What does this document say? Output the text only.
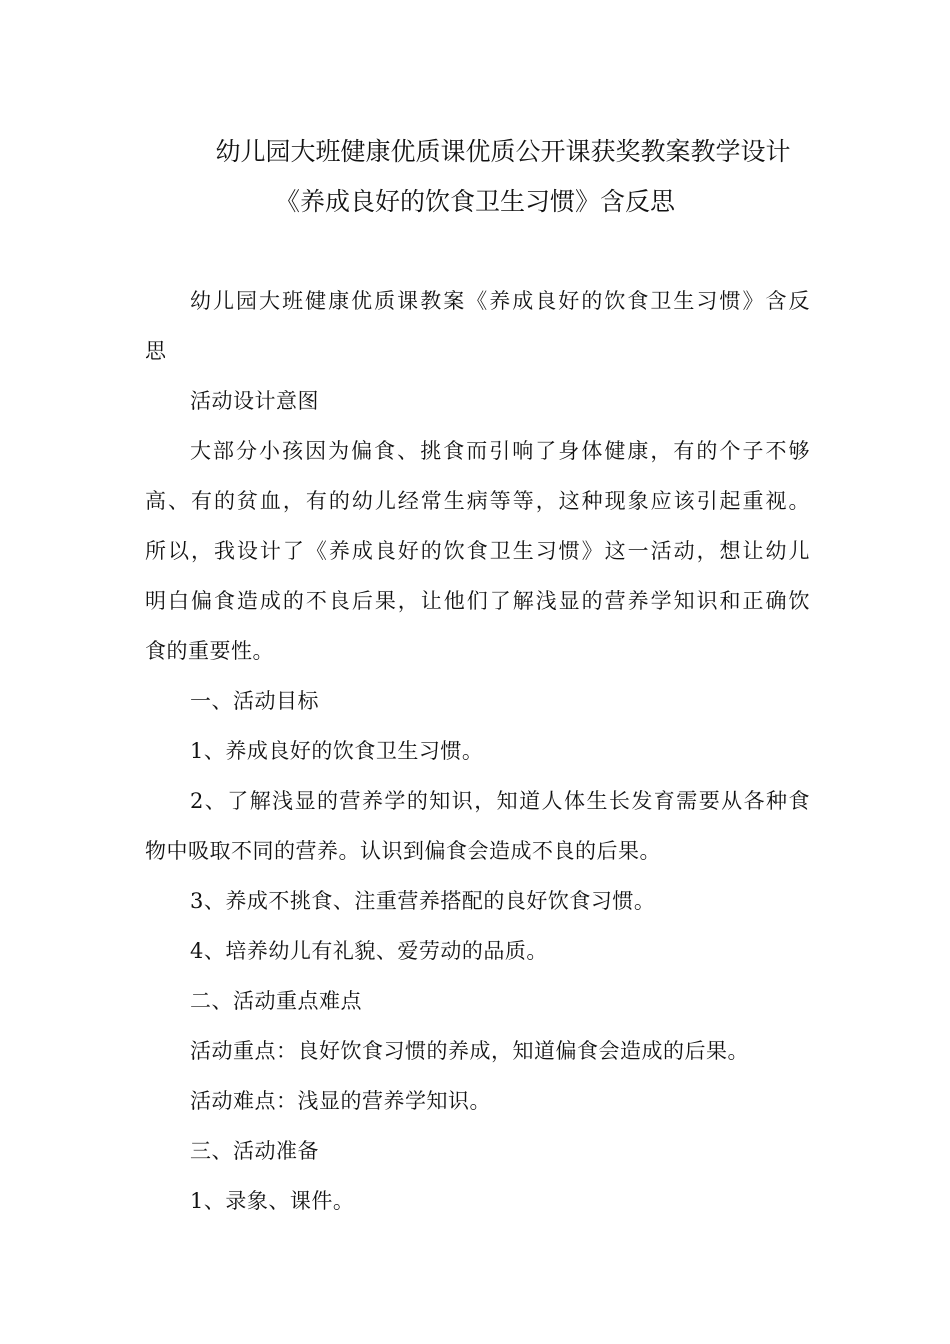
幼儿园大班健康优质课优质公开课获奖教案教学设计
《养成良好的饮食卫生习惯》含反思
幼儿园大班健康优质课教案《养成良好的饮食卫生习惯》含反
思
活动设计意图
大部分小孩因为偏食、挑食而引响了身体健康，有的个子不够
高、有的贫血，有的幼儿经常生病等等，这种现象应该引起重视。
所以，我设计了《养成良好的饮食卫生习惯》这一活动，想让幼儿
明白偏食造成的不良后果，让他们了解浅显的营养学知识和正确饮
食的重要性。
一、活动目标
1、养成良好的饮食卫生习惯。
2、了解浅显的营养学的知识，知道人体生长发育需要从各种食
物中吸取不同的营养。认识到偏食会造成不良的后果。
3、养成不挑食、注重营养搭配的良好饮食习惯。
4、培养幼儿有礼貌、爱劳动的品质。
二、活动重点难点
活动重点：良好饮食习惯的养成，知道偏食会造成的后果。
活动难点：浅显的营养学知识。
三、活动准备
1、录象、课件。
